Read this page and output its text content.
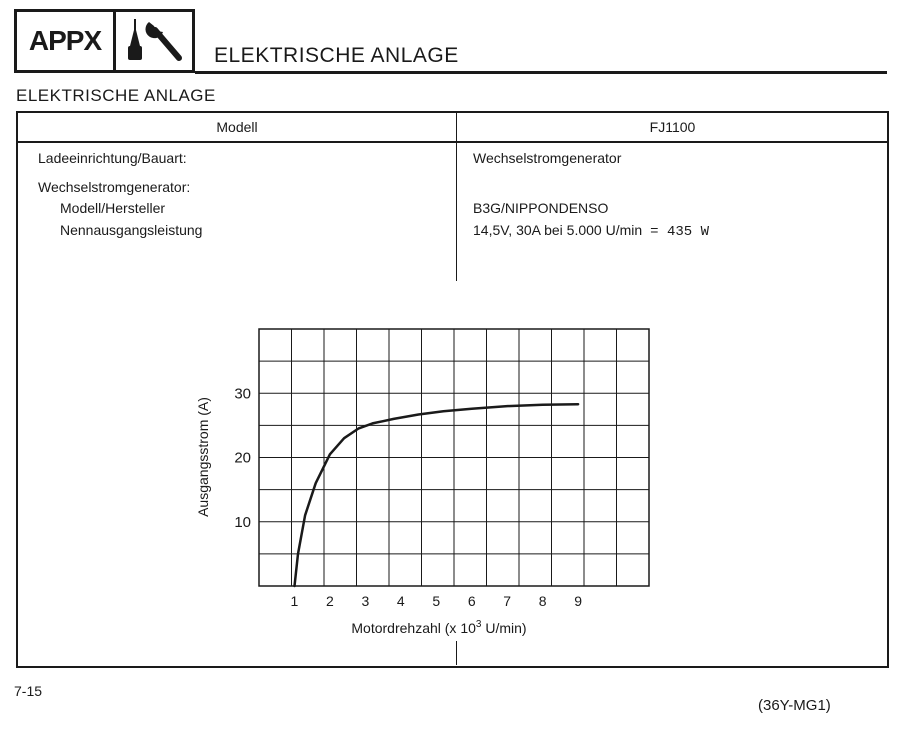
APPX	ELEKTRISCHE ANLAGE
ELEKTRISCHE ANLAGE
Modell	FJ1100
Ladeeinrichtung/Bauart:	Wechselstromgenerator
Wechselstromgenerator:
Modell/Hersteller	B3G/NIPPONDENSO
Nennausgangsleistung	14,5V, 30A bei 5.000 U/min = 435 W
1 2 3 4 5 6 7 8 9
10
20
30
Ausgangsstrom (A)
Motordrehzahl (x $10^3$ U/min)
7-15
(36Y-MG1)
